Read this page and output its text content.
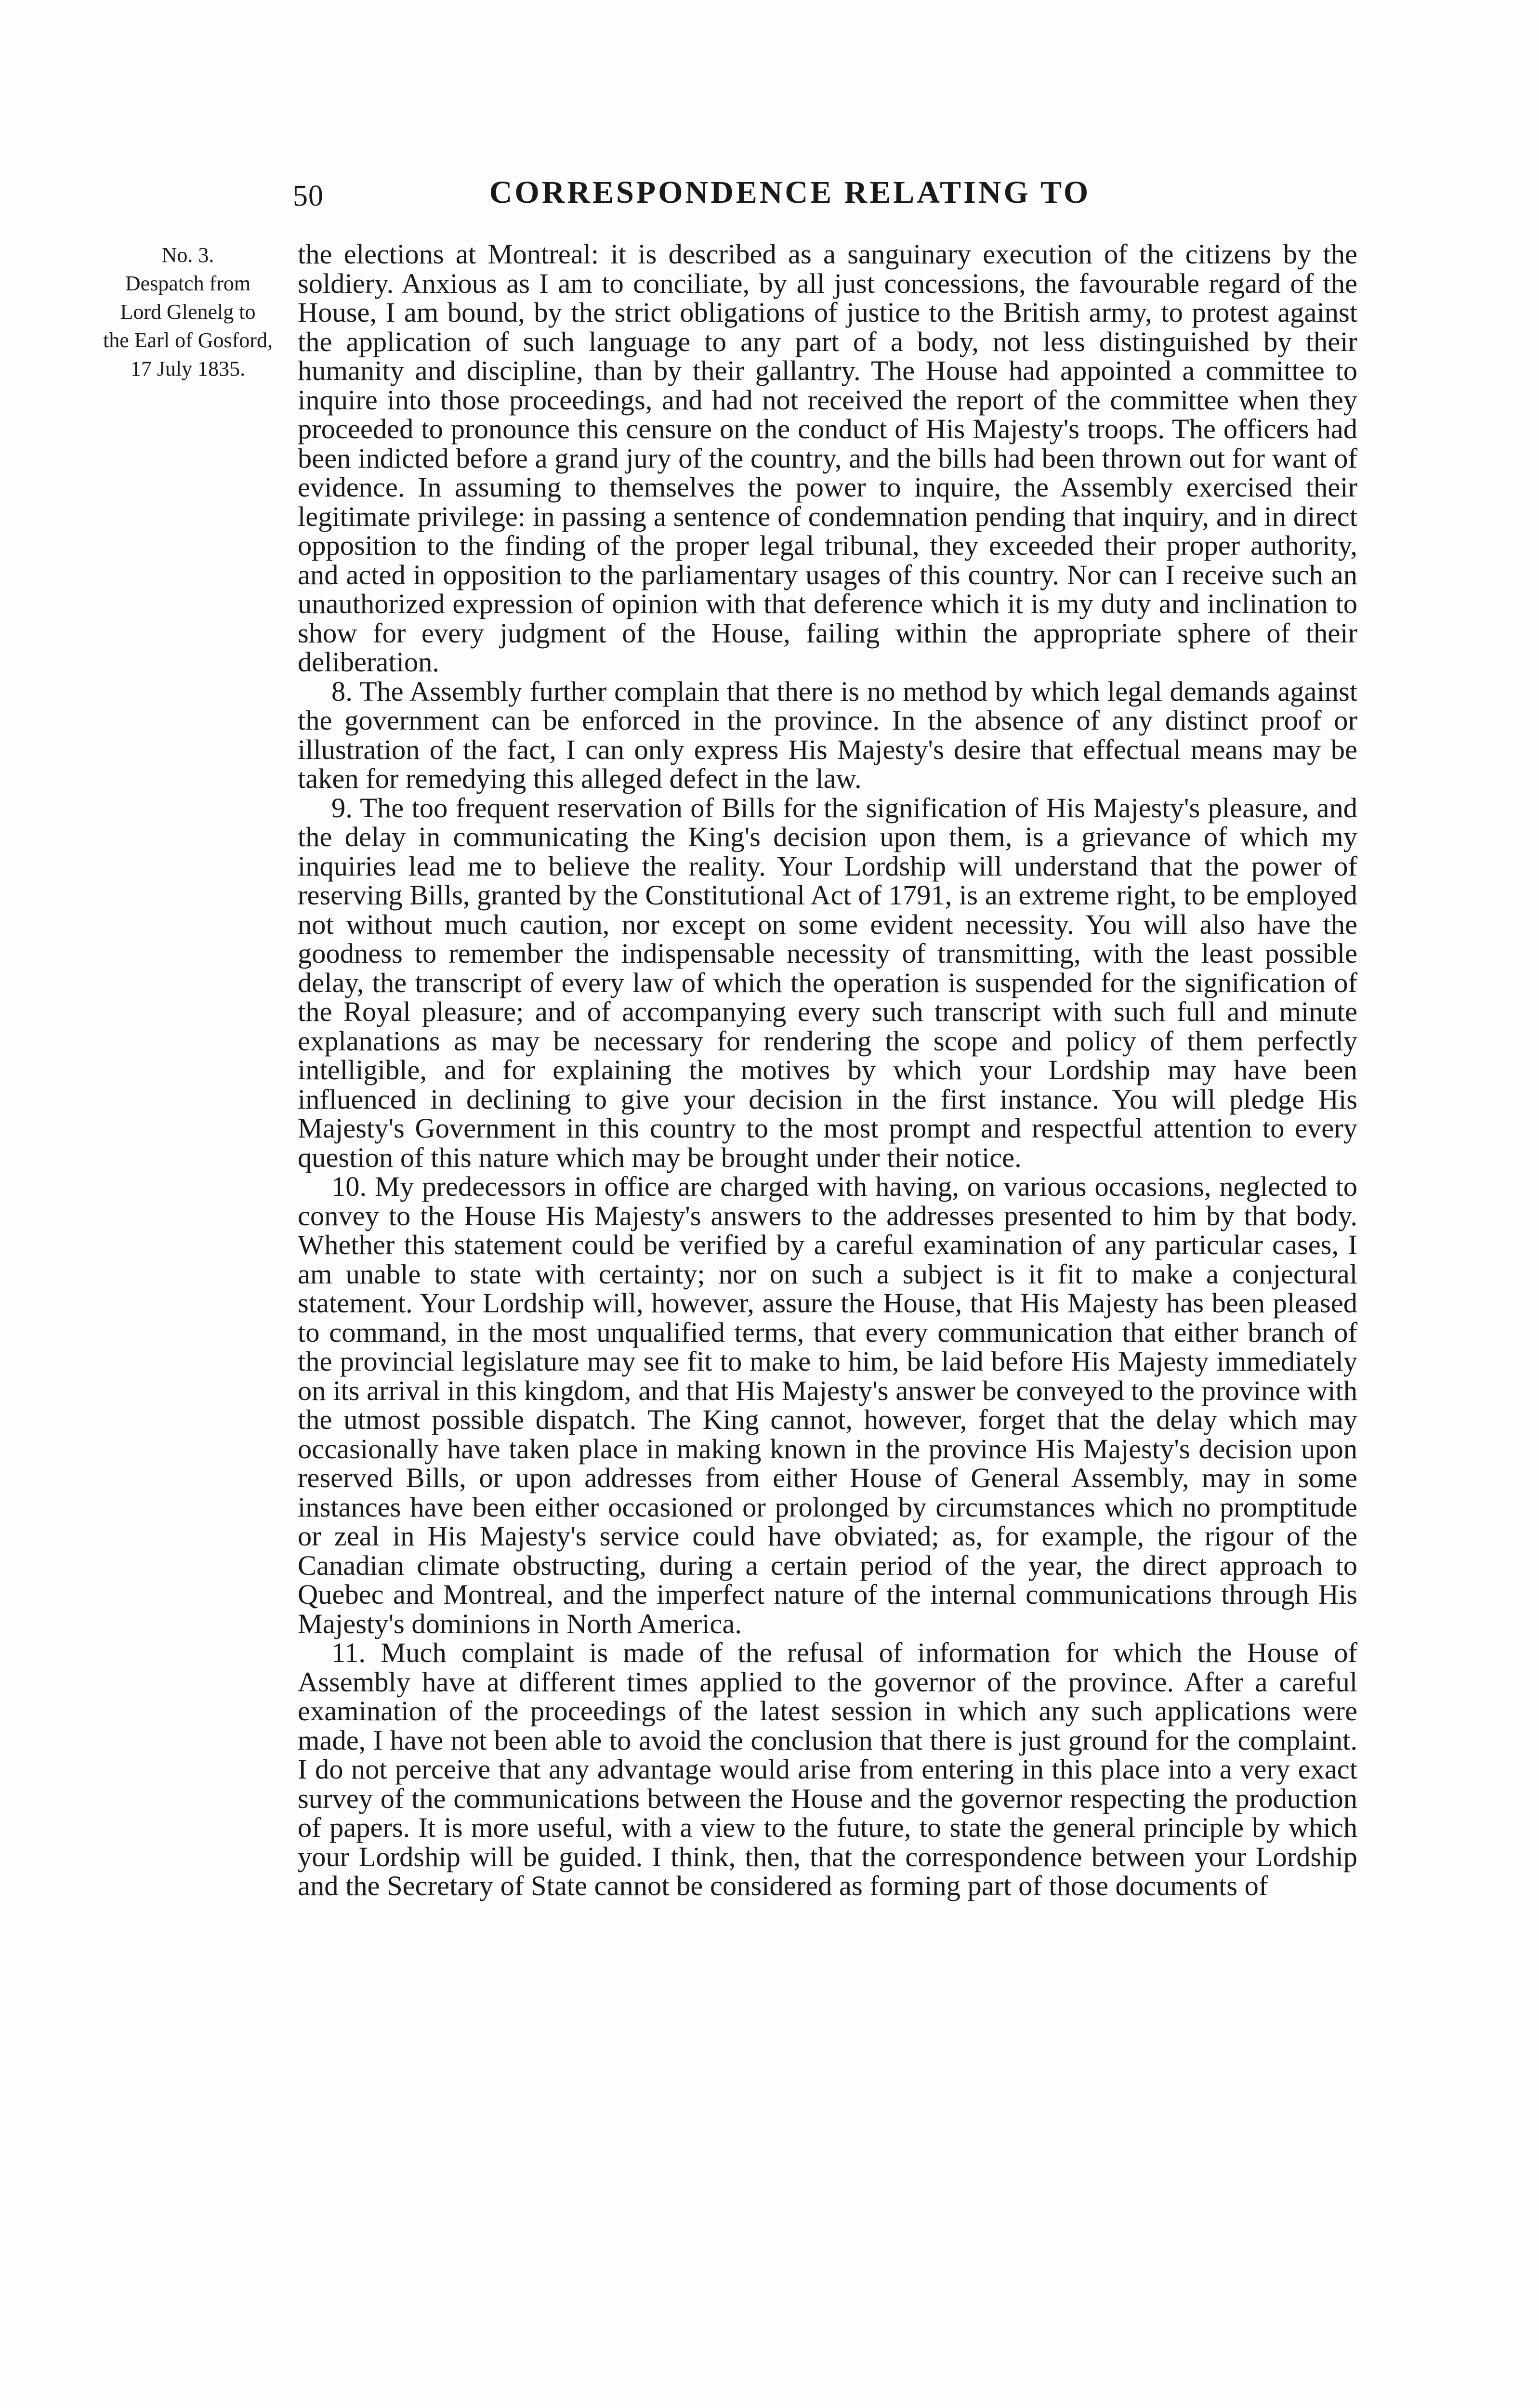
50	CORRESPONDENCE RELATING TO
No. 3.
Despatch from
Lord Glenelg to
the Earl of Gosford,
17 July 1835.

the elections at Montreal: it is described as a sanguinary execution of the citizens by the soldiery. Anxious as I am to conciliate, by all just concessions, the favourable regard of the House, I am bound, by the strict obligations of justice to the British army, to protest against the application of such language to any part of a body, not less distinguished by their humanity and discipline, than by their gallantry. The House had appointed a committee to inquire into those proceedings, and had not received the report of the committee when they proceeded to pronounce this censure on the conduct of His Majesty's troops. The officers had been indicted before a grand jury of the country, and the bills had been thrown out for want of evidence. In assuming to themselves the power to inquire, the Assembly exercised their legitimate privilege: in passing a sentence of condemnation pending that inquiry, and in direct opposition to the finding of the proper legal tribunal, they exceeded their proper authority, and acted in opposition to the parliamentary usages of this country. Nor can I receive such an unauthorized expression of opinion with that deference which it is my duty and inclination to show for every judgment of the House, failing within the appropriate sphere of their deliberation.

8. The Assembly further complain that there is no method by which legal demands against the government can be enforced in the province. In the absence of any distinct proof or illustration of the fact, I can only express His Majesty's desire that effectual means may be taken for remedying this alleged defect in the law.

9. The too frequent reservation of Bills for the signification of His Majesty's pleasure, and the delay in communicating the King's decision upon them, is a grievance of which my inquiries lead me to believe the reality. Your Lordship will understand that the power of reserving Bills, granted by the Constitutional Act of 1791, is an extreme right, to be employed not without much caution, nor except on some evident necessity. You will also have the goodness to remember the indispensable necessity of transmitting, with the least possible delay, the transcript of every law of which the operation is suspended for the signification of the Royal pleasure; and of accompanying every such transcript with such full and minute explanations as may be necessary for rendering the scope and policy of them perfectly intelligible, and for explaining the motives by which your Lordship may have been influenced in declining to give your decision in the first instance. You will pledge His Majesty's Government in this country to the most prompt and respectful attention to every question of this nature which may be brought under their notice.

10. My predecessors in office are charged with having, on various occasions, neglected to convey to the House His Majesty's answers to the addresses presented to him by that body. Whether this statement could be verified by a careful examination of any particular cases, I am unable to state with certainty; nor on such a subject is it fit to make a conjectural statement. Your Lordship will, however, assure the House, that His Majesty has been pleased to command, in the most unqualified terms, that every communication that either branch of the provincial legislature may see fit to make to him, be laid before His Majesty immediately on its arrival in this kingdom, and that His Majesty's answer be conveyed to the province with the utmost possible dispatch. The King cannot, however, forget that the delay which may occasionally have taken place in making known in the province His Majesty's decision upon reserved Bills, or upon addresses from either House of General Assembly, may in some instances have been either occasioned or prolonged by circumstances which no promptitude or zeal in His Majesty's service could have obviated; as, for example, the rigour of the Canadian climate obstructing, during a certain period of the year, the direct approach to Quebec and Montreal, and the imperfect nature of the internal communications through His Majesty's dominions in North America.

11. Much complaint is made of the refusal of information for which the House of Assembly have at different times applied to the governor of the province. After a careful examination of the proceedings of the latest session in which any such applications were made, I have not been able to avoid the conclusion that there is just ground for the complaint. I do not perceive that any advantage would arise from entering in this place into a very exact survey of the communications between the House and the governor respecting the production of papers. It is more useful, with a view to the future, to state the general principle by which your Lordship will be guided. I think, then, that the correspondence between your Lordship and the Secretary of State cannot be considered as forming part of those documents of
